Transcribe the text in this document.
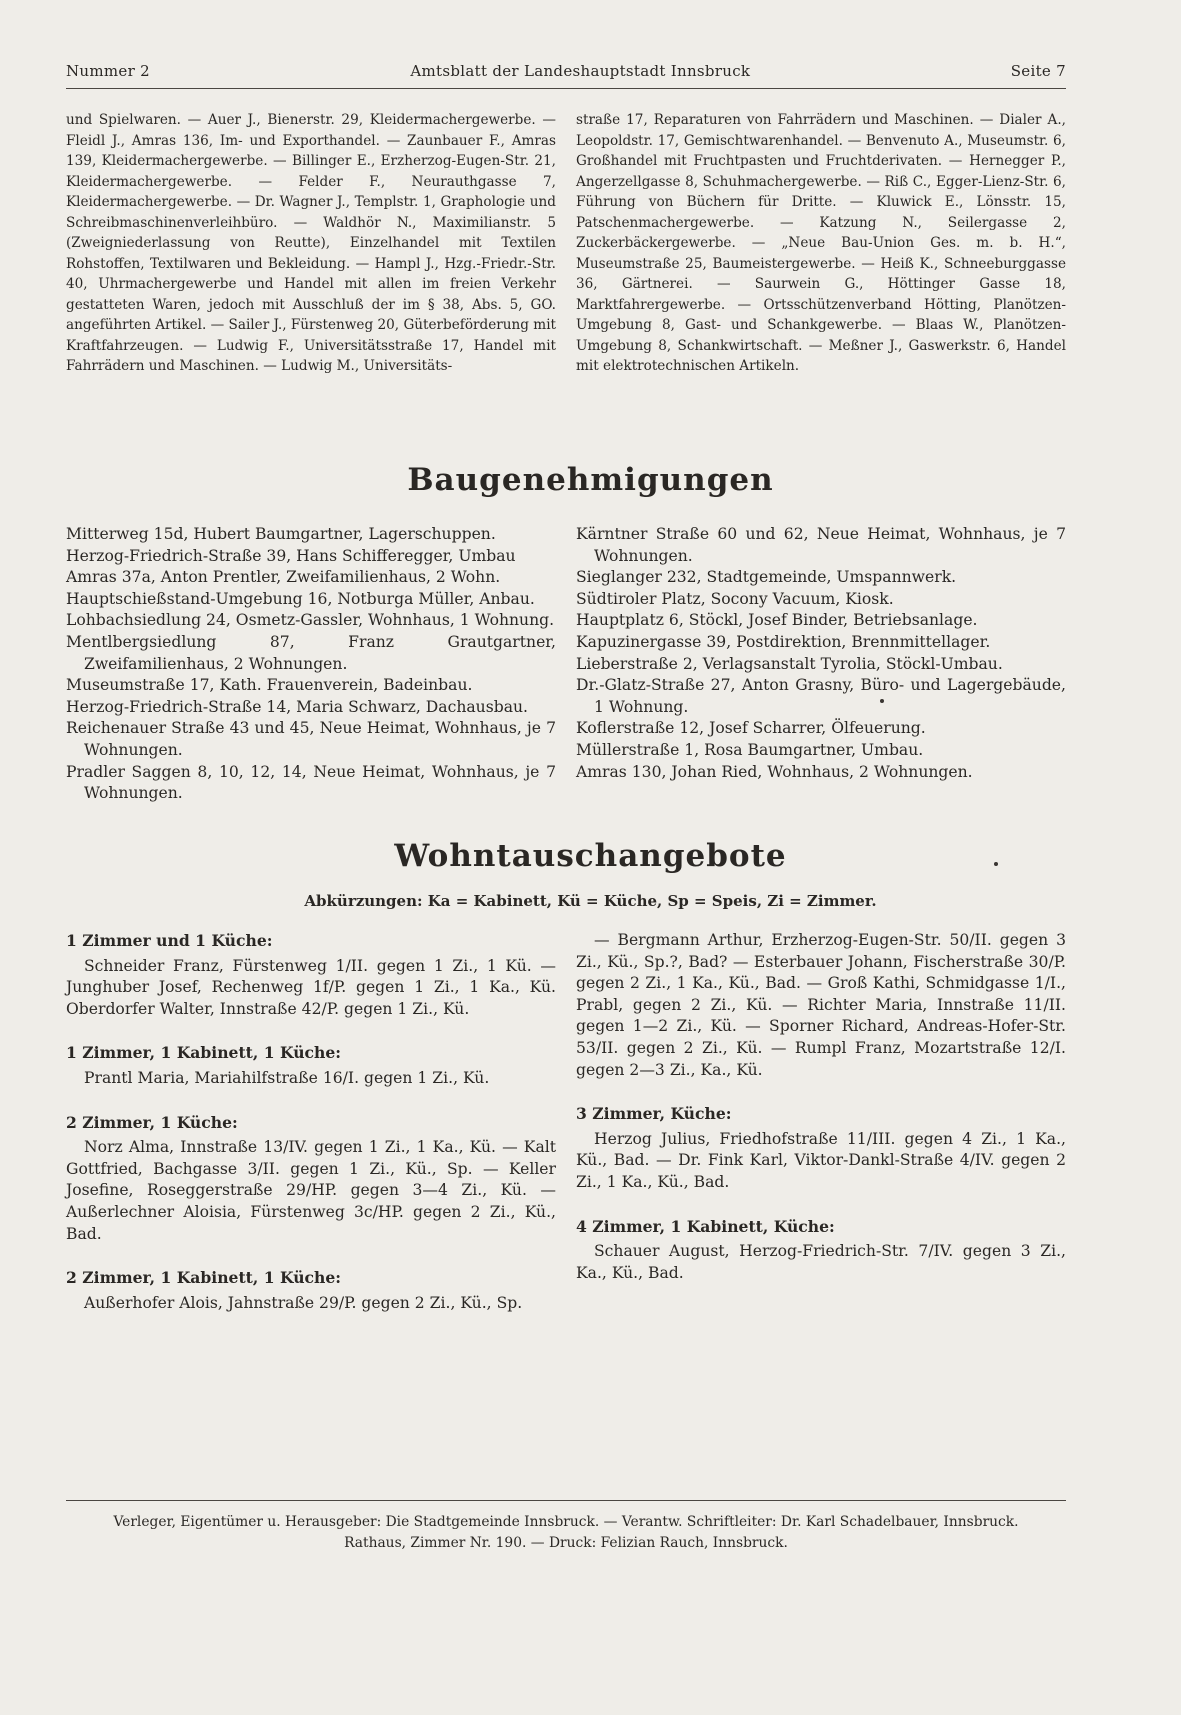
Nummer 2	Amtsblatt der Landeshauptstadt Innsbruck	Seite 7

und Spielwaren. — Auer J., Bienerstr. 29, Kleidermachergewerbe. — Fleidl J., Amras 136, Im- und Exporthandel. — Zaunbauer F., Amras 139, Kleidermachergewerbe. — Billinger E., Erzherzog-Eugen-Str. 21, Kleidermachergewerbe. — Felder F., Neurauthgasse 7, Kleidermachergewerbe. — Dr. Wagner J., Templstr. 1, Graphologie und Schreibmaschinenverleihbüro. — Waldhör N., Maximilianstr. 5 (Zweigniederlassung von Reutte), Einzelhandel mit Textilen Rohstoffen, Textilwaren und Bekleidung. — Hampl J., Hzg.-Friedr.-Str. 40, Uhrmachergewerbe und Handel mit allen im freien Verkehr gestatteten Waren, jedoch mit Ausschluß der im § 38, Abs. 5, GO. angeführten Artikel. — Sailer J., Fürstenweg 20, Güterbeförderung mit Kraftfahrzeugen. — Ludwig F., Universitätsstraße 17, Handel mit Fahrrädern und Maschinen. — Ludwig M., Universitäts-

straße 17, Reparaturen von Fahrrädern und Maschinen. — Dialer A., Leopoldstr. 17, Gemischtwarenhandel. — Benvenuto A., Museumstr. 6, Großhandel mit Fruchtpasten und Fruchtderivaten. — Hernegger P., Angerzellgasse 8, Schuhmachergewerbe. — Riß C., Egger-Lienz-Str. 6, Führung von Büchern für Dritte. — Kluwick E., Lönsstr. 15, Patschenmachergewerbe. — Katzung N., Seilergasse 2, Zuckerbäckergewerbe. — „Neue Bau-Union Ges. m. b. H.“, Museumstraße 25, Baumeistergewerbe. — Heiß K., Schneeburggasse 36, Gärtnerei. — Saurwein G., Höttinger Gasse 18, Marktfahrergewerbe. — Ortsschützenverband Hötting, Planötzen-Umgebung 8, Gast- und Schankgewerbe. — Blaas W., Planötzen-Umgebung 8, Schankwirtschaft. — Meßner J., Gaswerkstr. 6, Handel mit elektrotechnischen Artikeln.

Baugenehmigungen

Mitterweg 15d, Hubert Baumgartner, Lagerschuppen.

Herzog-Friedrich-Straße 39, Hans Schifferegger, Umbau

Amras 37a, Anton Prentler, Zweifamilienhaus, 2 Wohn.

Hauptschießstand-Umgebung 16, Notburga Müller, Anbau.

Lohbachsiedlung 24, Osmetz-Gassler, Wohnhaus, 1 Wohnung.

Mentlbergsiedlung 87, Franz Grautgartner, Zweifamilienhaus, 2 Wohnungen.

Museumstraße 17, Kath. Frauenverein, Badeinbau.

Herzog-Friedrich-Straße 14, Maria Schwarz, Dachausbau.

Reichenauer Straße 43 und 45, Neue Heimat, Wohnhaus, je 7 Wohnungen.

Pradler Saggen 8, 10, 12, 14, Neue Heimat, Wohnhaus, je 7 Wohnungen.

Kärntner Straße 60 und 62, Neue Heimat, Wohnhaus, je 7 Wohnungen.

Sieglanger 232, Stadtgemeinde, Umspannwerk.

Südtiroler Platz, Socony Vacuum, Kiosk.

Hauptplatz 6, Stöckl, Josef Binder, Betriebsanlage.

Kapuzinergasse 39, Postdirektion, Brennmittellager.

Lieberstraße 2, Verlagsanstalt Tyrolia, Stöckl-Umbau.

Dr.-Glatz-Straße 27, Anton Grasny, Büro- und Lagergebäude, 1 Wohnung.

Koflerstraße 12, Josef Scharrer, Ölfeuerung.

Müllerstraße 1, Rosa Baumgartner, Umbau.

Amras 130, Johan Ried, Wohnhaus, 2 Wohnungen.

Wohntauschangebote
Abkürzungen: Ka = Kabinett, Kü = Küche, Sp = Speis, Zi = Zimmer.

1 Zimmer und 1 Küche:

Schneider Franz, Fürstenweg 1/II. gegen 1 Zi., 1 Kü. — Junghuber Josef, Rechenweg 1f/P. gegen 1 Zi., 1 Ka., Kü. Oberdorfer Walter, Innstraße 42/P. gegen 1 Zi., Kü.

1 Zimmer, 1 Kabinett, 1 Küche:

Prantl Maria, Mariahilfstraße 16/I. gegen 1 Zi., Kü.

2 Zimmer, 1 Küche:

Norz Alma, Innstraße 13/IV. gegen 1 Zi., 1 Ka., Kü. — Kalt Gottfried, Bachgasse 3/II. gegen 1 Zi., Kü., Sp. — Keller Josefine, Roseggerstraße 29/HP. gegen 3—4 Zi., Kü. — Außerlechner Aloisia, Fürstenweg 3c/HP. gegen 2 Zi., Kü., Bad.

2 Zimmer, 1 Kabinett, 1 Küche:

Außerhofer Alois, Jahnstraße 29/P. gegen 2 Zi., Kü., Sp.

— Bergmann Arthur, Erzherzog-Eugen-Str. 50/II. gegen 3 Zi., Kü., Sp.?, Bad? — Esterbauer Johann, Fischerstraße 30/P. gegen 2 Zi., 1 Ka., Kü., Bad. — Groß Kathi, Schmidgasse 1/I., Prabl, gegen 2 Zi., Kü. — Richter Maria, Innstraße 11/II. gegen 1—2 Zi., Kü. — Sporner Richard, Andreas-Hofer-Str. 53/II. gegen 2 Zi., Kü. — Rumpl Franz, Mozartstraße 12/I. gegen 2—3 Zi., Ka., Kü.

3 Zimmer, Küche:

Herzog Julius, Friedhofstraße 11/III. gegen 4 Zi., 1 Ka., Kü., Bad. — Dr. Fink Karl, Viktor-Dankl-Straße 4/IV. gegen 2 Zi., 1 Ka., Kü., Bad.

4 Zimmer, 1 Kabinett, Küche:

Schauer August, Herzog-Friedrich-Str. 7/IV. gegen 3 Zi., Ka., Kü., Bad.

Verleger, Eigentümer u. Herausgeber: Die Stadtgemeinde Innsbruck. — Verantw. Schriftleiter: Dr. Karl Schadelbauer, Innsbruck.
Rathaus, Zimmer Nr. 190. — Druck: Felizian Rauch, Innsbruck.
